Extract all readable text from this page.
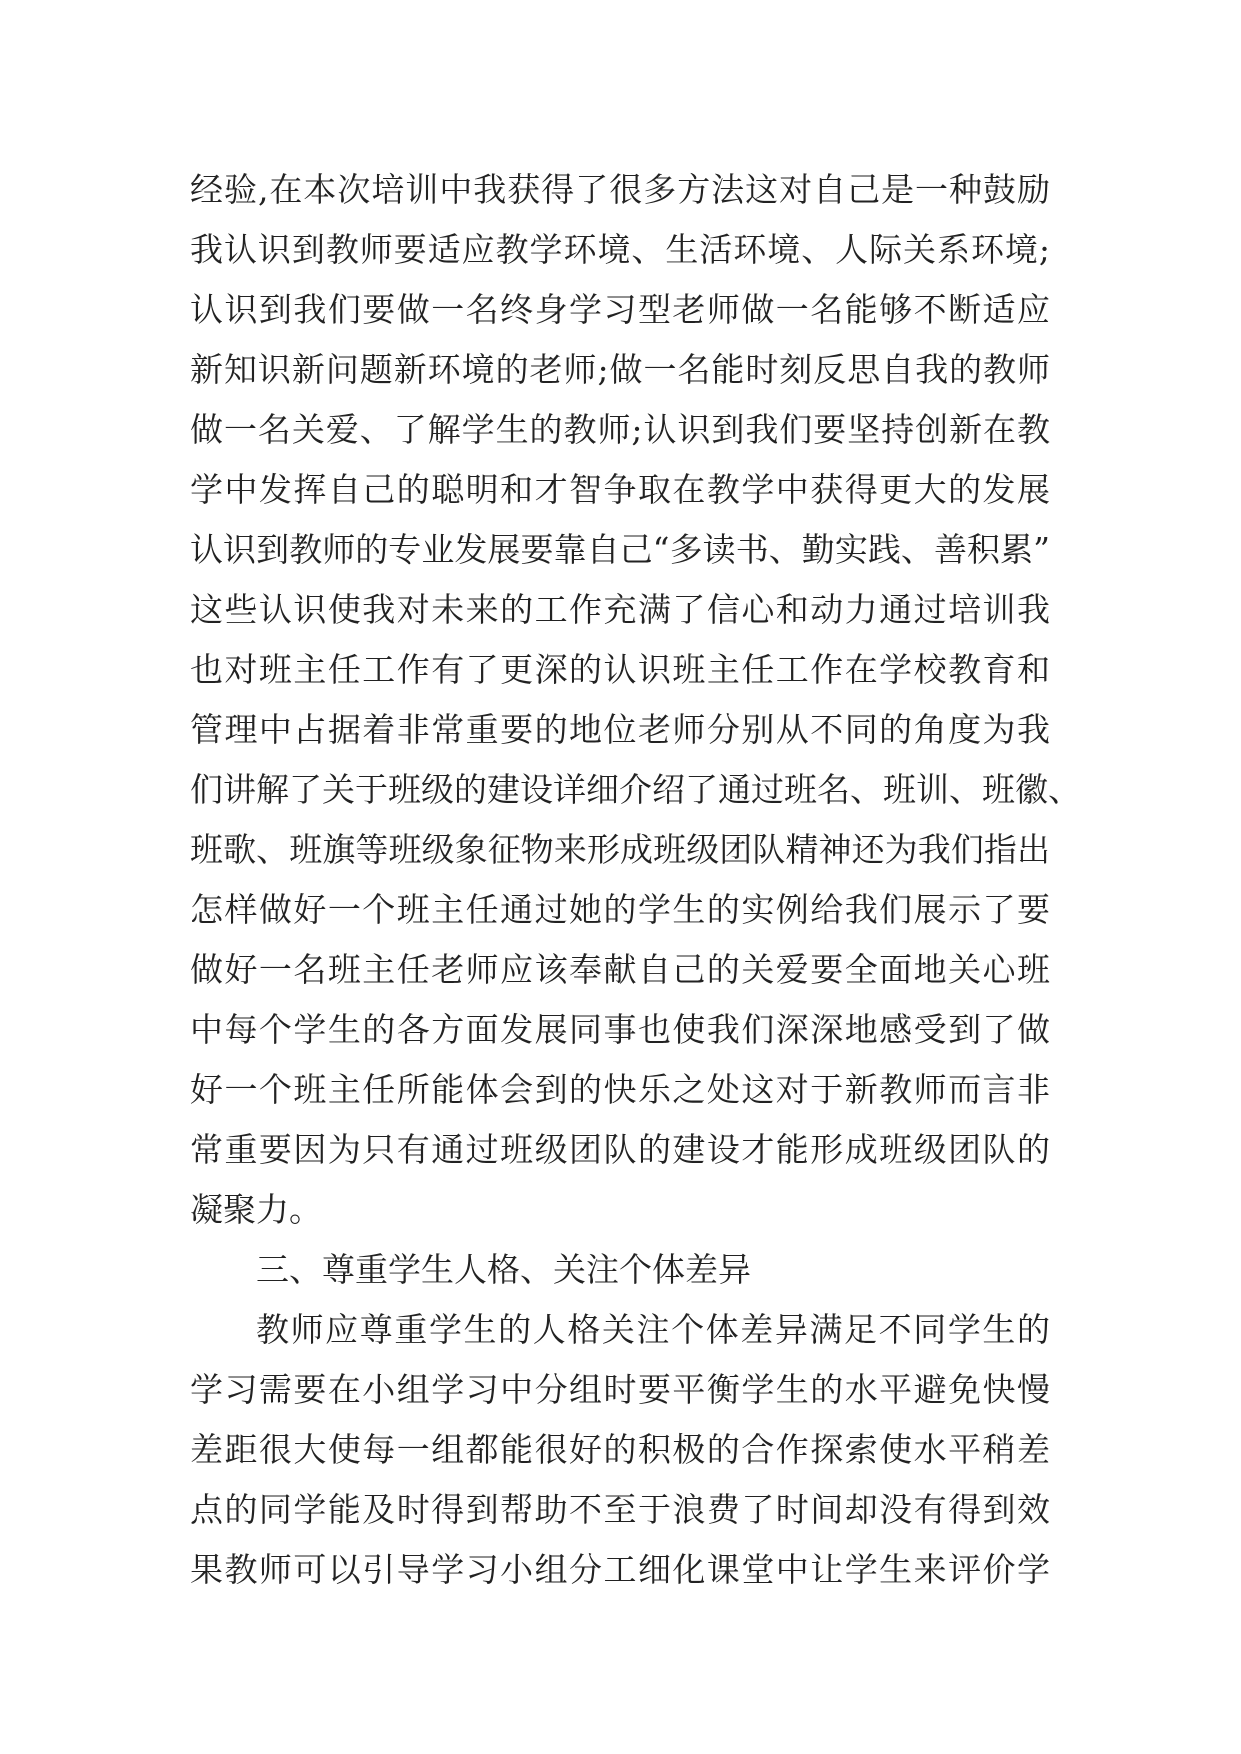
经验,在本次培训中我获得了很多方法这对自己是一种鼓励
我认识到教师要适应教学环境、生活环境、人际关系环境;
认识到我们要做一名终身学习型老师做一名能够不断适应
新知识新问题新环境的老师;做一名能时刻反思自我的教师
做一名关爱、了解学生的教师;认识到我们要坚持创新在教
学中发挥自己的聪明和才智争取在教学中获得更大的发展
认识到教师的专业发展要靠自己“多读书、勤实践、善积累”
这些认识使我对未来的工作充满了信心和动力通过培训我
也对班主任工作有了更深的认识班主任工作在学校教育和
管理中占据着非常重要的地位老师分别从不同的角度为我
们讲解了关于班级的建设详细介绍了通过班名、班训、班徽、
班歌、班旗等班级象征物来形成班级团队精神还为我们指出
怎样做好一个班主任通过她的学生的实例给我们展示了要
做好一名班主任老师应该奉献自己的关爱要全面地关心班
中每个学生的各方面发展同事也使我们深深地感受到了做
好一个班主任所能体会到的快乐之处这对于新教师而言非
常重要因为只有通过班级团队的建设才能形成班级团队的
凝聚力。
三、尊重学生人格、关注个体差异
教师应尊重学生的人格关注个体差异满足不同学生的
学习需要在小组学习中分组时要平衡学生的水平避免快慢
差距很大使每一组都能很好的积极的合作探索使水平稍差
点的同学能及时得到帮助不至于浪费了时间却没有得到效
果教师可以引导学习小组分工细化课堂中让学生来评价学
